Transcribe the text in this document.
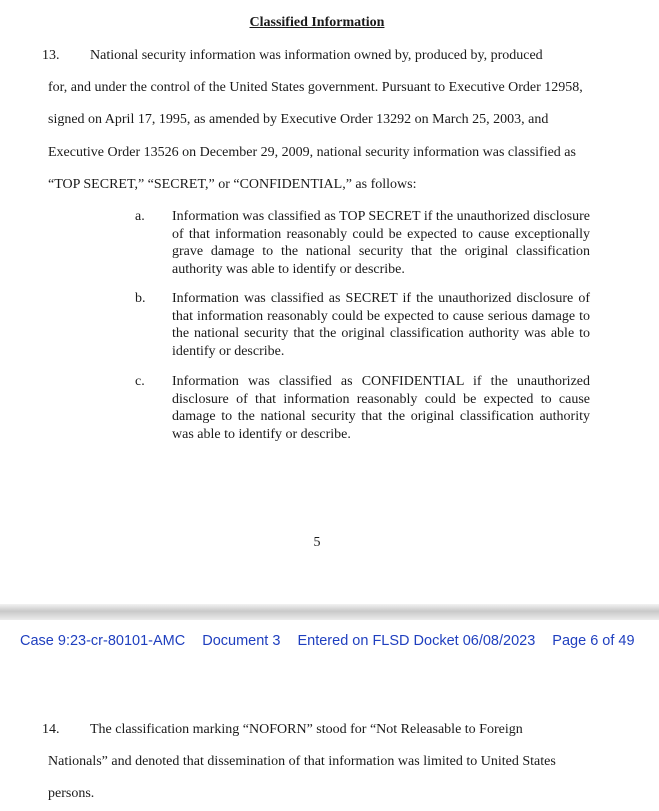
Classified Information
13. National security information was information owned by, produced by, produced
for, and under the control of the United States government. Pursuant to Executive Order 12958,
signed on April 17, 1995, as amended by Executive Order 13292 on March 25, 2003, and
Executive Order 13526 on December 29, 2009, national security information was classified as
“TOP SECRET,” “SECRET,” or “CONFIDENTIAL,” as follows:
a. Information was classified as TOP SECRET if the unauthorized disclosure of that information reasonably could be expected to cause exceptionally grave damage to the national security that the original classification authority was able to identify or describe.
b. Information was classified as SECRET if the unauthorized disclosure of that information reasonably could be expected to cause serious damage to the national security that the original classification authority was able to identify or describe.
c. Information was classified as CONFIDENTIAL if the unauthorized disclosure of that information reasonably could be expected to cause damage to the national security that the original classification authority was able to identify or describe.
5
Case 9:23-cr-80101-AMC Document 3 Entered on FLSD Docket 06/08/2023 Page 6 of 49
14. The classification marking “NOFORN” stood for “Not Releasable to Foreign
Nationals” and denoted that dissemination of that information was limited to United States
persons.
